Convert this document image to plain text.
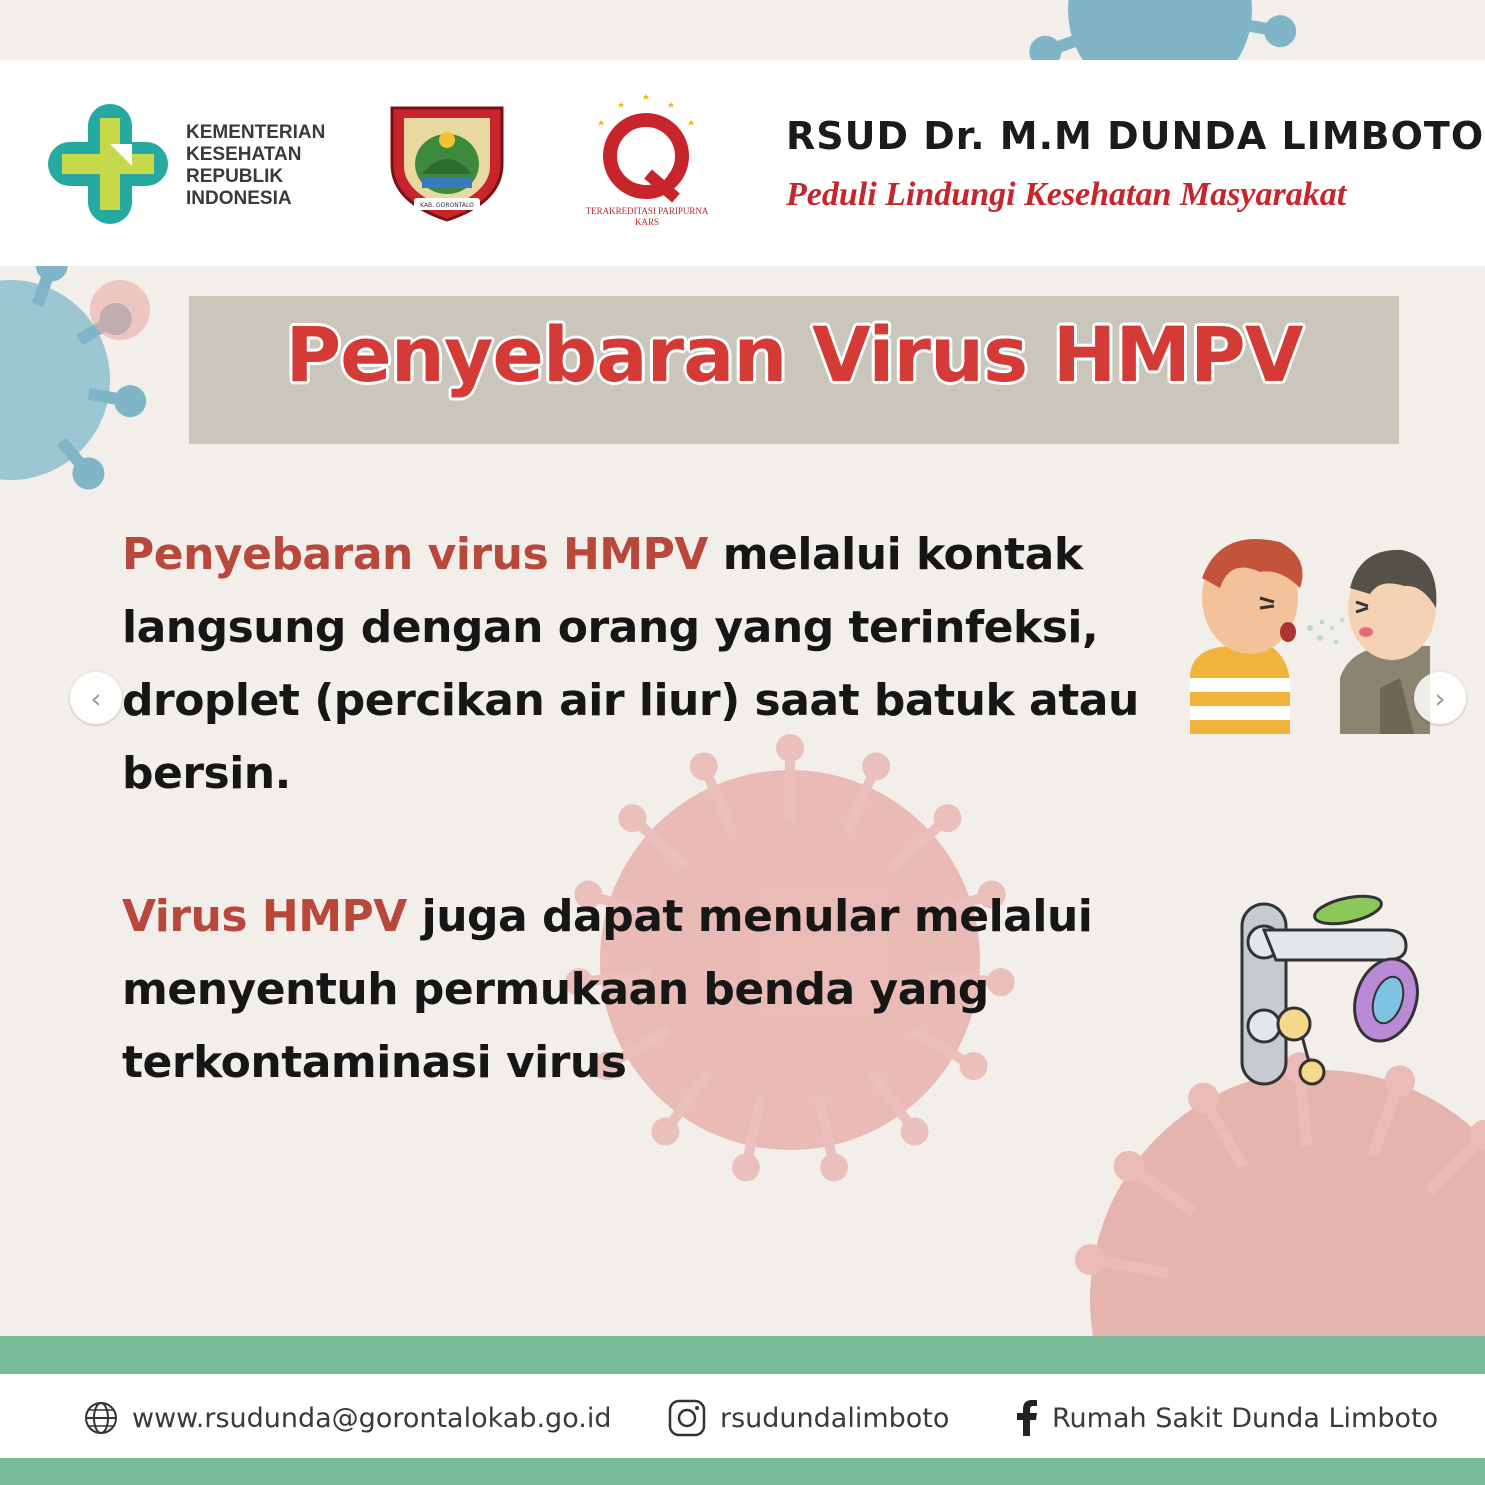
KEMENTERIAN
KESEHATAN
REPUBLIK
INDONESIA	KAB. GORONTALO
TERAKREDITASI PARIPURNA
KARS
RSUD Dr. M.M DUNDA LIMBOTO
Peduli Lindungi Kesehatan Masyarakat
Penyebaran Virus HMPV
Penyebaran virus HMPV melalui kontak langsung dengan orang yang terinfeksi, droplet (percikan air liur) saat batuk atau bersin.
Virus HMPV juga dapat menular melalui menyentuh permukaan benda yang terkontaminasi virus
‹	›
www.rsudunda@gorontalokab.go.id	rsudundalimboto	Rumah Sakit Dunda Limboto
